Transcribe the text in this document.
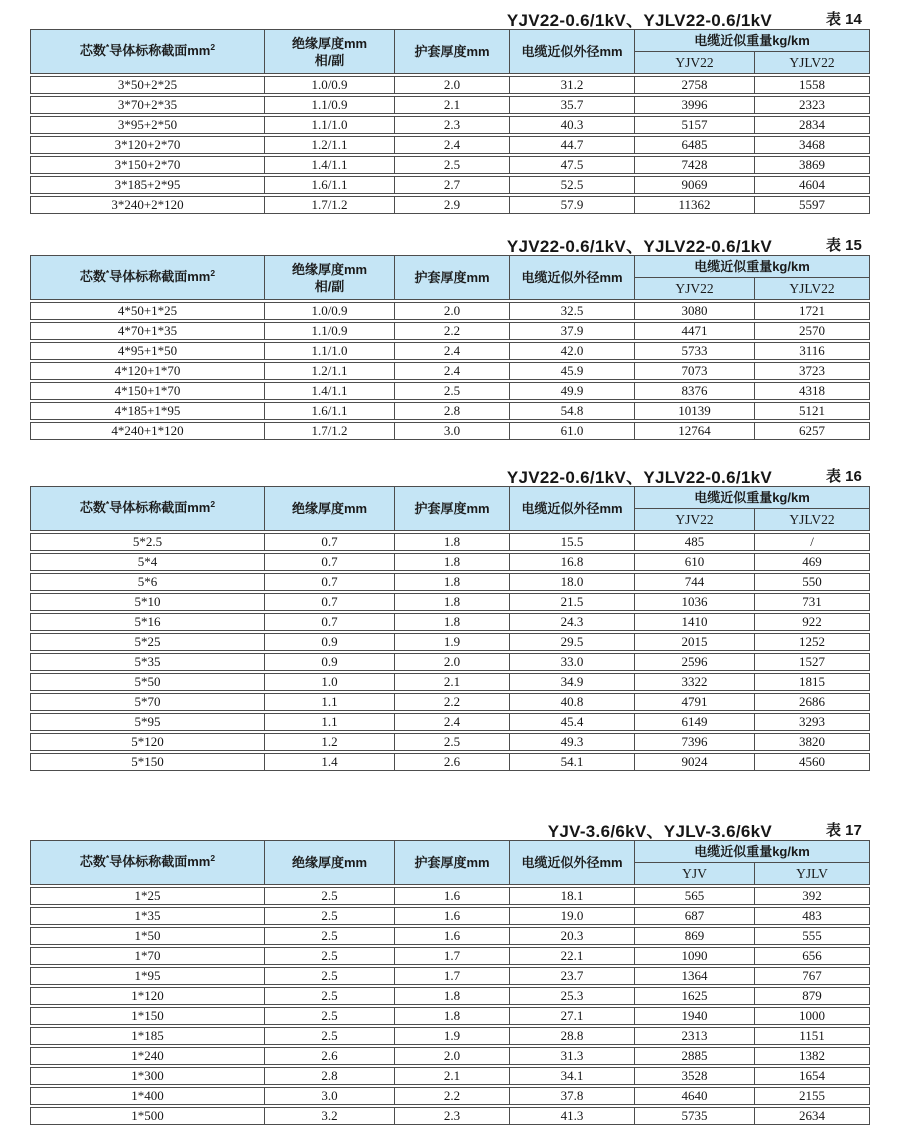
YJV22-0.6/1kV、YJLV22-0.6/1kV	表 14
芯数*导体标称截面$mm^2$	绝缘厚度mm
相/副
护套厚度mm	电缆近似外径mm
电缆近似重量kg/km
YJV22	YJLV22
3*50+2*25	1.0/0.9	2.0	31.2	2758	1558
3*70+2*35	1.1/0.9	2.1	35.7	3996	2323
3*95+2*50	1.1/1.0	2.3	40.3	5157	2834
3*120+2*70	1.2/1.1	2.4	44.7	6485	3468
3*150+2*70	1.4/1.1	2.5	47.5	7428	3869
3*185+2*95	1.6/1.1	2.7	52.5	9069	4604
3*240+2*120	1.7/1.2	2.9	57.9	11362	5597
YJV22-0.6/1kV、YJLV22-0.6/1kV	表 15
芯数*导体标称截面$mm^2$	绝缘厚度mm
相/副
护套厚度mm	电缆近似外径mm
电缆近似重量kg/km
YJV22	YJLV22
4*50+1*25	1.0/0.9	2.0	32.5	3080	1721
4*70+1*35	1.1/0.9	2.2	37.9	4471	2570
4*95+1*50	1.1/1.0	2.4	42.0	5733	3116
4*120+1*70	1.2/1.1	2.4	45.9	7073	3723
4*150+1*70	1.4/1.1	2.5	49.9	8376	4318
4*185+1*95	1.6/1.1	2.8	54.8	10139	5121
4*240+1*120	1.7/1.2	3.0	61.0	12764	6257
YJV22-0.6/1kV、YJLV22-0.6/1kV	表 16
芯数*导体标称截面$mm^2$	绝缘厚度mm	护套厚度mm	电缆近似外径mm
电缆近似重量kg/km
YJV22	YJLV22
5*2.5	0.7	1.8	15.5	485	/
5*4	0.7	1.8	16.8	610	469
5*6	0.7	1.8	18.0	744	550
5*10	0.7	1.8	21.5	1036	731
5*16	0.7	1.8	24.3	1410	922
5*25	0.9	1.9	29.5	2015	1252
5*35	0.9	2.0	33.0	2596	1527
5*50	1.0	2.1	34.9	3322	1815
5*70	1.1	2.2	40.8	4791	2686
5*95	1.1	2.4	45.4	6149	3293
5*120	1.2	2.5	49.3	7396	3820
5*150	1.4	2.6	54.1	9024	4560
YJV-3.6/6kV、YJLV-3.6/6kV	表 17
芯数*导体标称截面$mm^2$	绝缘厚度mm	护套厚度mm	电缆近似外径mm
电缆近似重量kg/km
YJV	YJLV
1*25	2.5	1.6	18.1	565	392
1*35	2.5	1.6	19.0	687	483
1*50	2.5	1.6	20.3	869	555
1*70	2.5	1.7	22.1	1090	656
1*95	2.5	1.7	23.7	1364	767
1*120	2.5	1.8	25.3	1625	879
1*150	2.5	1.8	27.1	1940	1000
1*185	2.5	1.9	28.8	2313	1151
1*240	2.6	2.0	31.3	2885	1382
1*300	2.8	2.1	34.1	3528	1654
1*400	3.0	2.2	37.8	4640	2155
1*500	3.2	2.3	41.3	5735	2634
